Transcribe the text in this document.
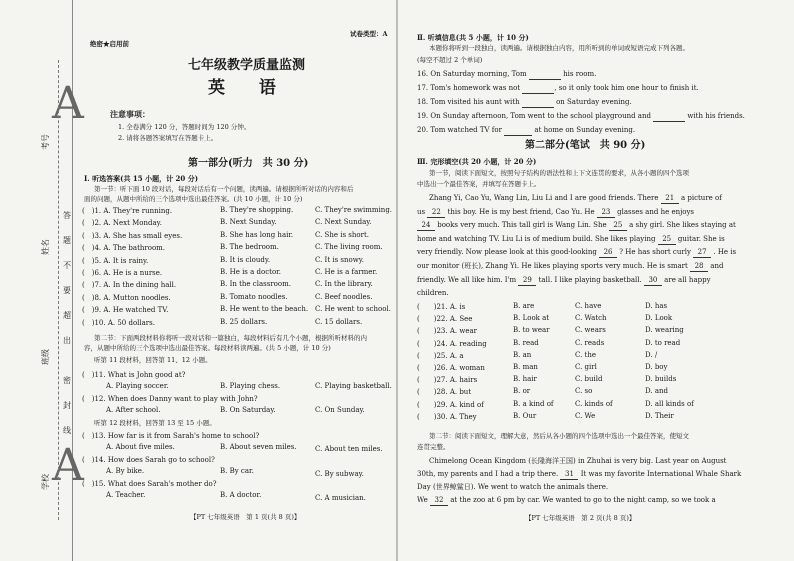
A
A
考号
姓名
班级
学校
答
题
不
要
超
出
密
封
线
绝密★启用前
试卷类型：A
七年级教学质量监测
英 语
注意事项：
1. 全卷满分 120 分，答题时间为 120 分钟。
2. 请将各题答案填写在答题卡上。
第一部分(听力　共 30 分)
Ⅰ. 听选答案(共 15 小题，计 20 分)
第一节：听下面 10 段对话，每段对话后有一个问题，读两遍。请根据所听对话的内容和后
面的问题，从题中所给的三个选项中选出最佳答案。(共 10 小题，计 10 分)
(　)1. A. They're running.	B. They're shopping.	C. They're swimming.
(　)2. A. Next Monday.	B. Next Sunday.	C. Next Sunday.
(　)3. A. She has small eyes.	B. She has long hair.	C. She is short.
(　)4. A. The bathroom.	B. The bedroom.	C. The living room.
(　)5. A. It is rainy.	B. It is cloudy.	C. It is snowy.
(　)6. A. He is a nurse.	B. He is a doctor.	C. He is a farmer.
(　)7. A. In the dining hall.	B. In the classroom.	C. In the library.
(　)8. A. Mutton noodles.	B. Tomato noodles.	C. Beef noodles.
(　)9. A. He watched TV.	B. He went to the beach. C. He went to school.
(　)10. A. 50 dollars.	B. 25 dollars.	C. 15 dollars.
第二节：下面两段材料你将听一段对话和一篇独白，每段材料后有几个小题，根据所听材料的内
容，从题中所给的三个选项中选出最佳答案。每段材料读两遍。(共 5 小题，计 10 分)
听第 11 段材料，回答第 11、12 小题。
(　)11. What is John good at?
A. Playing soccer.	B. Playing chess.	C. Playing basketball.
(　)12. When does Danny want to play with John?
A. After school.	B. On Saturday.	C. On Sunday.
听第 12 段材料，回答第 13 至 15 小题。
(　)13. How far is it from Sarah's home to school?
A. About five miles.	B. About seven miles.	C. About ten miles.
(　)14. How does Sarah go to school?
A. By bike.	B. By car.	C. By subway.
(　)15. What does Sarah's mother do?
A. Teacher.	B. A doctor.	C. A musician.
【PT 七年级英语　第 1 页(共 8 页)】
Ⅱ. 听填信息(共 5 小题，计 10 分)
本题你将听到一段独白，读两遍。请根据独白内容，用所听到的单词或短语完成下列各题。
(每空不超过 2 个单词)
16. On Saturday morning, Tom	his room.
17. Tom's homework was not	, so it only took him one hour to finish it.
18. Tom visited his aunt with	on Saturday evening.
19. On Sunday afternoon, Tom went to the school playground and	with his friends.
20. Tom watched TV for	at home on Sunday evening.
第二部分(笔试　共 90 分)
Ⅲ. 完形填空(共 20 小题，计 20 分)
第一节，阅读下面短文，按照句子结构的语法性和上下文连贯的要求，从各小题的四个选项
中选出一个最佳答案，并填写在答题卡上。
Zhang Yi, Cao Yu, Wang Lin, Liu Li and I are good friends. There 21 a picture of
us 22 this boy. He is my best friend, Cao Yu. He 23 glasses and he enjoys
24 books very much. This tall girl is Wang Lin. She 25 a shy girl. She likes staying at
home and watching TV. Liu Li is of medium build. She likes playing 25 guitar. She is
very friendly. Now please look at this good-looking 26 ? He has short curly 27 . He is
our monitor (班长), Zhang Yi. He likes playing sports very much. He is smart 28 and
friendly. We all like him. I'm 29 tall. I like playing basketball. 30 are all happy
children.
(　　)21. A. is	B. are	C. have	D. has
(　　)22. A. See	B. Look at	C. Watch	D. Look
(　　)23. A. wear	B. to wear	C. wears	D. wearing
(　　)24. A. reading	B. read	C. reads	D. to read
(　　)25. A. a	B. an	C. the	D. /
(　　)26. A. woman	B. man	C. girl	D. boy
(　　)27. A. hairs	B. hair	C. build	D. builds
(　　)28. A. but	B. or	C. so	D. and
(　　)29. A. kind of	B. a kind of	C. kinds of	D. all kinds of
(　　)30. A. They	B. Our	C. We	D. Their
第二节：阅读下面短文，理解大意，然后从各小题的四个选项中选出一个最佳答案，使短文
连贯完整。
Chimelong Ocean Kingdom (长隆海洋王国) in Zhuhai is very big. Last year on August
30th, my parents and I had a trip there. 31 It was my favorite International Whale Shark
Day (世界鲸鲨日). We went to watch the animals there.
We 32 at the zoo at 6 pm by car. We wanted to go to the night camp, so we took a
【PT 七年级英语　第 2 页(共 8 页)】
